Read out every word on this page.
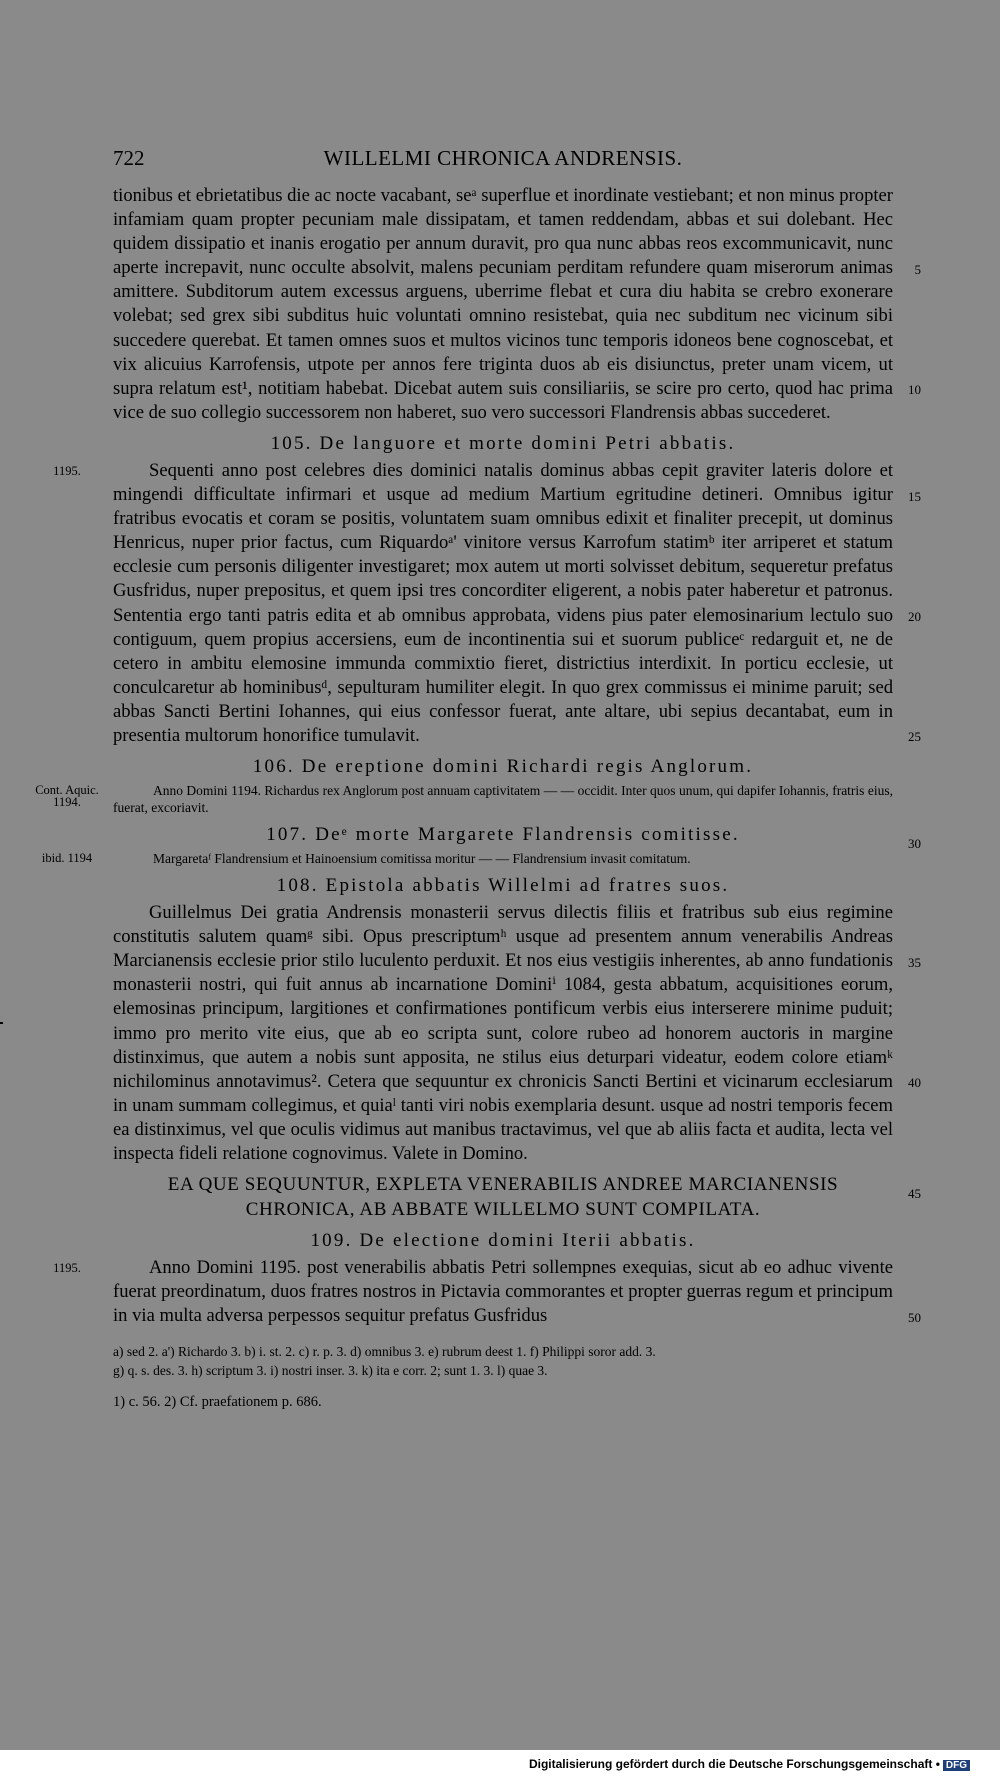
722	WILLELMI CHRONICA ANDRENSIS.
5
10

tionibus et ebrietatibus die ac nocte vacabant, seᵃ superflue et inordinate vestiebant; et non minus propter infamiam quam propter pecuniam male dissipatam, et tamen reddendam, abbas et sui dolebant. Hec quidem dissipatio et inanis erogatio per annum duravit, pro qua nunc abbas reos excommunicavit, nunc aperte increpavit, nunc occulte absolvit, malens pecuniam perditam refundere quam miserorum animas amittere. Subditorum autem excessus arguens, uberrime flebat et cura diu habita se crebro exonerare volebat; sed grex sibi subditus huic voluntati omnino resistebat, quia nec subditum nec vicinum sibi succedere querebat. Et tamen omnes suos et multos vicinos tunc temporis idoneos bene cognoscebat, et vix alicuius Karrofensis, utpote per annos fere triginta duos ab eis disiunctus, preter unam vicem, ut supra relatum est¹, notitiam habebat. Dicebat autem suis consiliariis, se scire pro certo, quod hac prima vice de suo collegio successorem non haberet, suo vero successori Flandrensis abbas succederet.

105. De languore et morte domini Petri abbatis.
1195.
15
20
25

Sequenti anno post celebres dies dominici natalis dominus abbas cepit graviter lateris dolore et mingendi difficultate infirmari et usque ad medium Martium egritudine detineri. Omnibus igitur fratribus evocatis et coram se positis, voluntatem suam omnibus edixit et finaliter precepit, ut dominus Henricus, nuper prior factus, cum Riquardoᵃ' vinitore versus Karrofum statimᵇ iter arriperet et statum ecclesie cum personis diligenter investigaret; mox autem ut morti solvisset debitum, sequeretur prefatus Gusfridus, nuper prepositus, et quem ipsi tres concorditer eligerent, a nobis pater haberetur et patronus. Sententia ergo tanti patris edita et ab omnibus approbata, videns pius pater elemosinarium lectulo suo contiguum, quem propius accersiens, eum de incontinentia sui et suorum publiceᶜ redarguit et, ne de cetero in ambitu elemosine immunda commixtio fieret, districtius interdixit. In porticu ecclesie, ut conculcaretur ab hominibusᵈ, sepulturam humiliter elegit. In quo grex commissus ei minime paruit; sed abbas Sancti Bertini Iohannes, qui eius confessor fuerat, ante altare, ubi sepius decantabat, eum in presentia multorum honorifice tumulavit.

106. De ereptione domini Richardi regis Anglorum.
Cont. Aquic. 1194.

Anno Domini 1194. Richardus rex Anglorum post annuam captivitatem — — occidit. Inter quos unum, qui dapifer Iohannis, fratris eius, fuerat, excoriavit.

30
107. Deᵉ morte Margarete Flandrensis comitisse.
ibid. 1194	Margaretaᶠ Flandrensium et Hainoensium comitissa moritur — — Flandrensium invasit comitatum.

108. Epistola abbatis Willelmi ad fratres suos.
35
40

Guillelmus Dei gratia Andrensis monasterii servus dilectis filiis et fratribus sub eius regimine constitutis salutem quamᵍ sibi. Opus prescriptumʰ usque ad presentem annum venerabilis Andreas Marcianensis ecclesie prior stilo luculento perduxit. Et nos eius vestigiis inherentes, ab anno fundationis monasterii nostri, qui fuit annus ab incarnatione Dominiⁱ 1084, gesta abbatum, acquisitiones eorum, elemosinas principum, largitiones et confirmationes pontificum verbis eius interserere minime puduit; immo pro merito vite eius, que ab eo scripta sunt, colore rubeo ad honorem auctoris in margine distinximus, que autem a nobis sunt apposita, ne stilus eius deturpari videatur, eodem colore etiamᵏ nichilominus annotavimus². Cetera que sequuntur ex chronicis Sancti Bertini et vicinarum ecclesiarum in unam summam collegimus, et quiaˡ tanti viri nobis exemplaria desunt. usque ad nostri temporis fecem ea distinximus, vel que oculis vidimus aut manibus tractavimus, vel que ab aliis facta et audita, lecta vel inspecta fideli relatione cognovimus. Valete in Domino.

45
EA QUE SEQUUNTUR, EXPLETA VENERABILIS ANDREE MARCIANENSIS
CHRONICA, AB ABBATE WILLELMO SUNT COMPILATA.
109. De electione domini Iterii abbatis.
1195.
50

Anno Domini 1195. post venerabilis abbatis Petri sollempnes exequias, sicut ab eo adhuc vivente fuerat preordinatum, duos fratres nostros in Pictavia commorantes et propter guerras regum et principum in via multa adversa perpessos sequitur prefatus Gusfridus

a) sed 2. a') Richardo 3. b) i. st. 2. c) r. p. 3. d) omnibus 3. e) rubrum deest 1. f) Philippi soror add. 3.
g) q. s. des. 3. h) scriptum 3. i) nostri inser. 3. k) ita e corr. 2; sunt 1. 3. l) quae 3.
1) c. 56. 2) Cf. praefationem p. 686.
Digitalisierung gefördert durch die Deutsche Forschungsgemeinschaft • DFG
